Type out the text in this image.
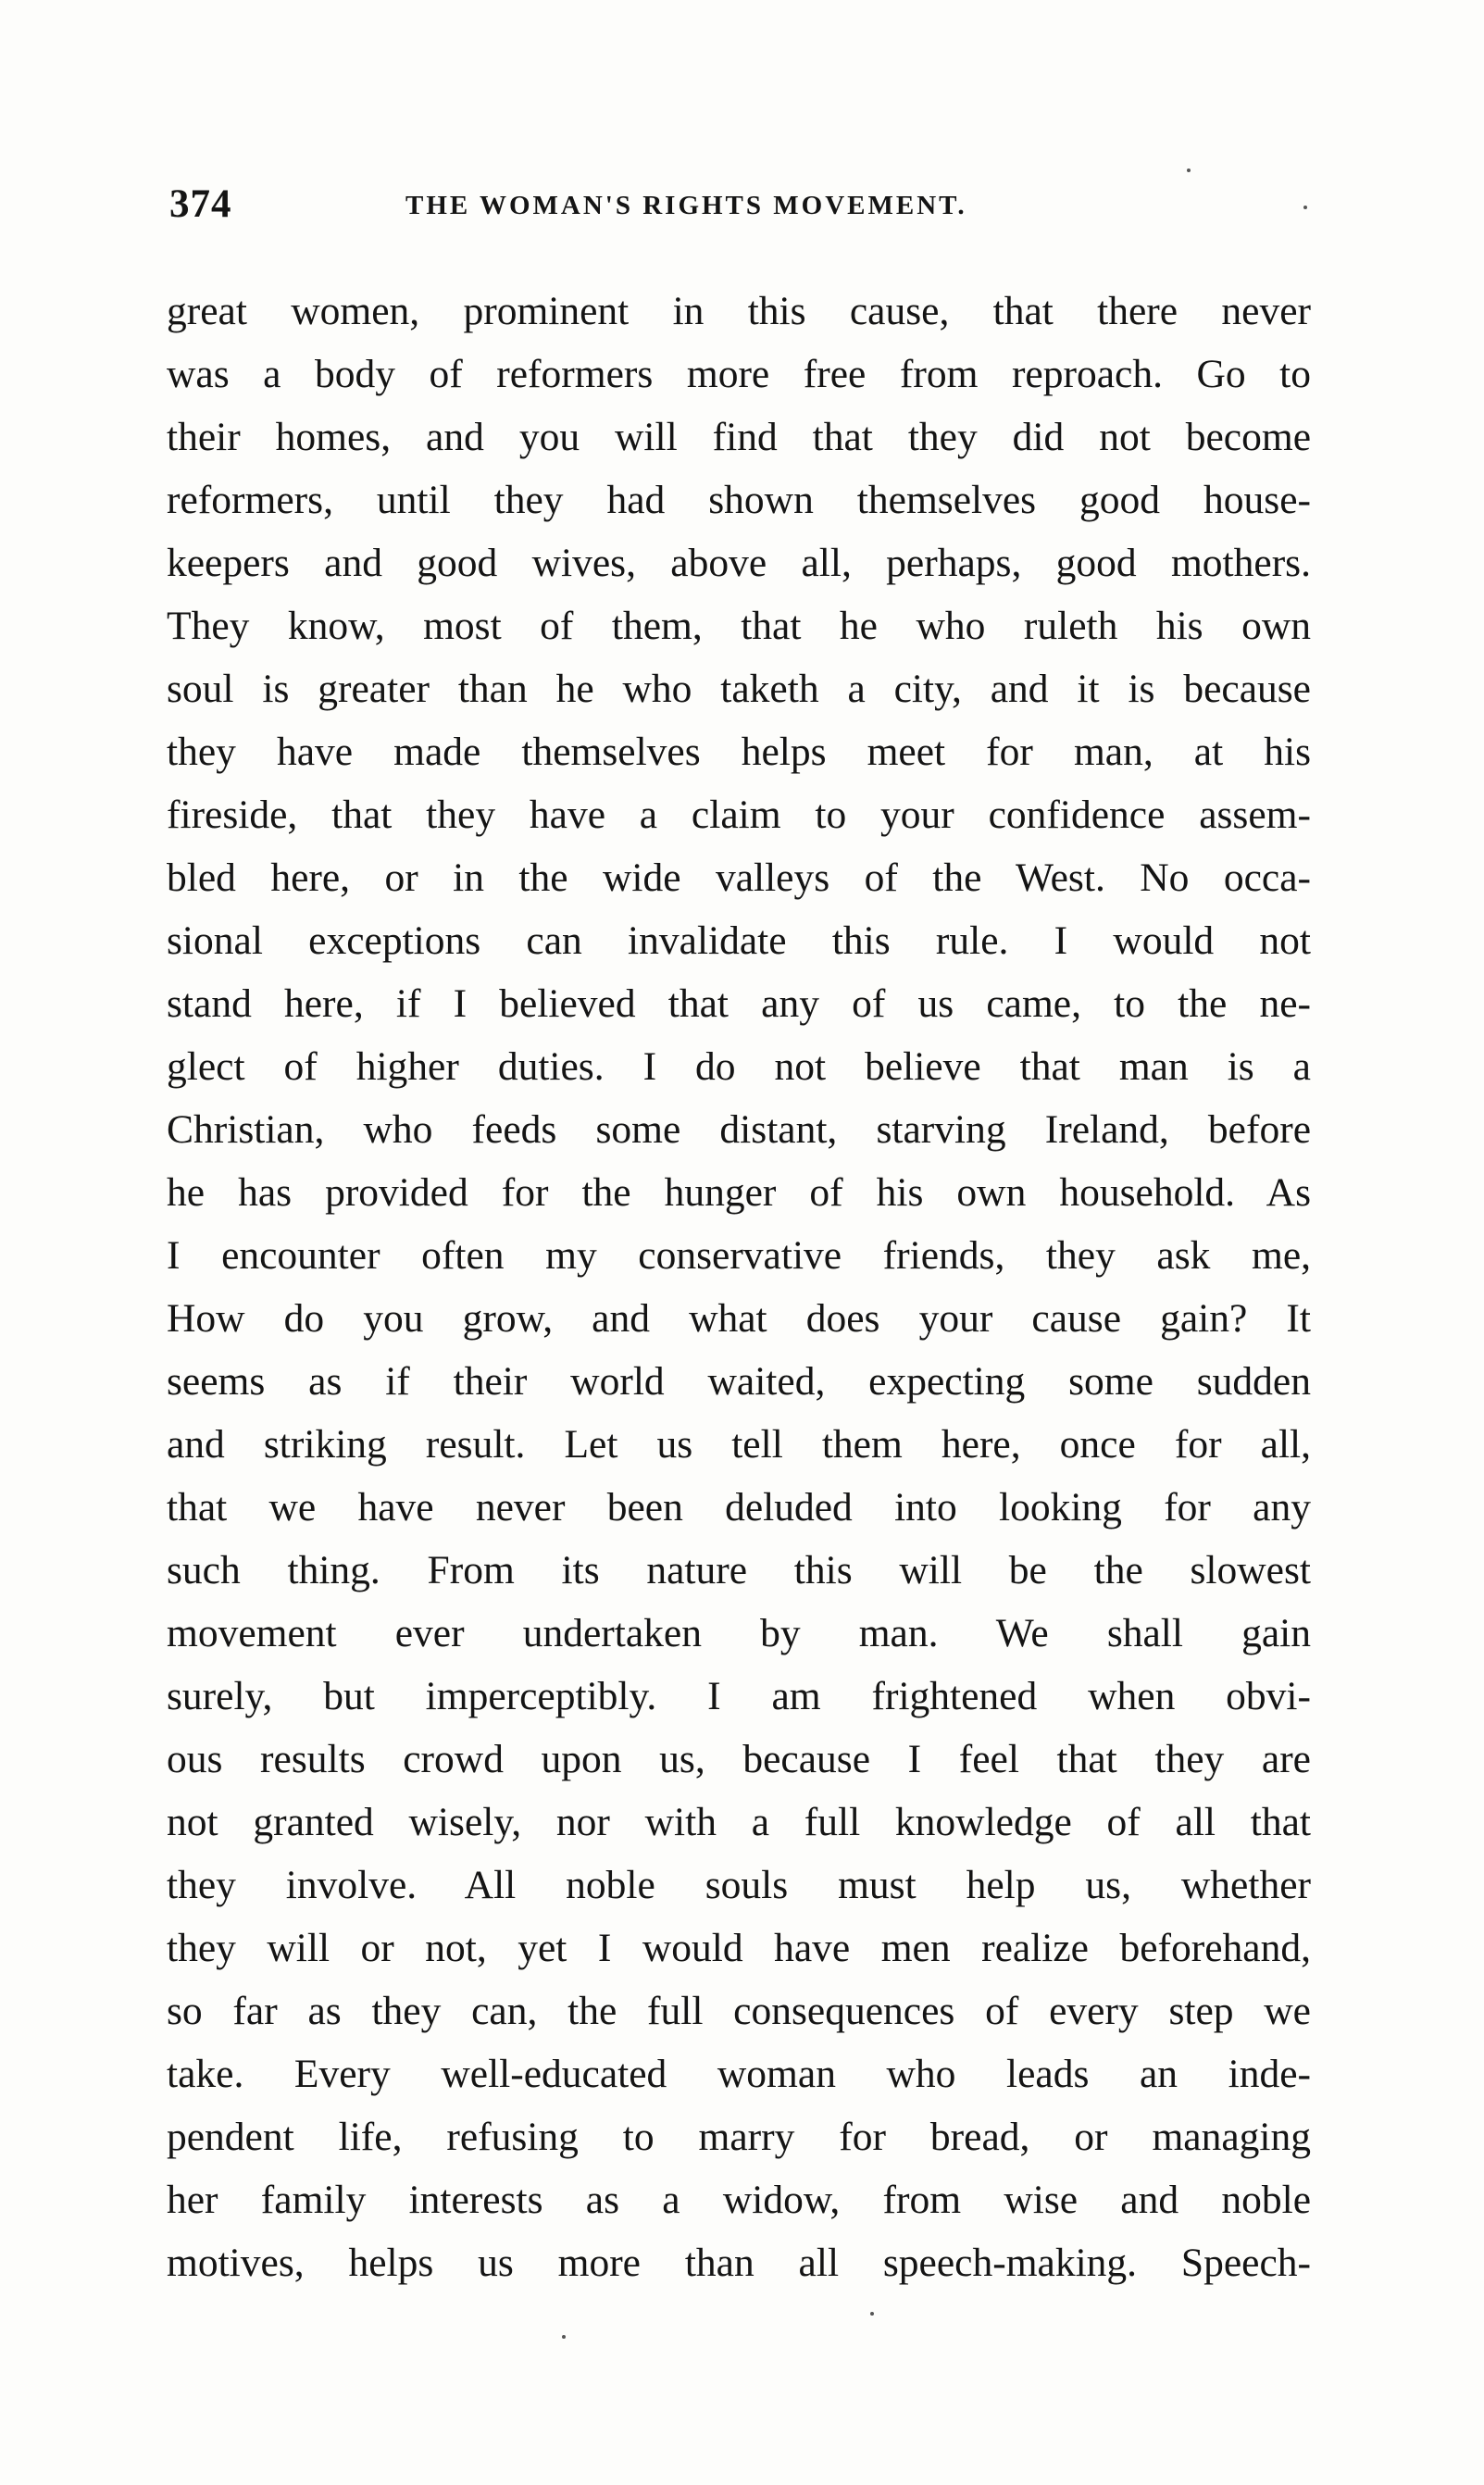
374	THE WOMAN'S RIGHTS MOVEMENT.
great women, prominent in this cause, that there never
was a body of reformers more free from reproach. Go to
their homes, and you will find that they did not become
reformers, until they had shown themselves good house-
keepers and good wives, above all, perhaps, good mothers.
They know, most of them, that he who ruleth his own
soul is greater than he who taketh a city, and it is because
they have made themselves helps meet for man, at his
fireside, that they have a claim to your confidence assem-
bled here, or in the wide valleys of the West. No occa-
sional exceptions can invalidate this rule. I would not
stand here, if I believed that any of us came, to the ne-
glect of higher duties. I do not believe that man is a
Christian, who feeds some distant, starving Ireland, before
he has provided for the hunger of his own household. As
I encounter often my conservative friends, they ask me,
How do you grow, and what does your cause gain? It
seems as if their world waited, expecting some sudden
and striking result. Let us tell them here, once for all,
that we have never been deluded into looking for any
such thing. From its nature this will be the slowest
movement ever undertaken by man. We shall gain
surely, but imperceptibly. I am frightened when obvi-
ous results crowd upon us, because I feel that they are
not granted wisely, nor with a full knowledge of all that
they involve. All noble souls must help us, whether
they will or not, yet I would have men realize beforehand,
so far as they can, the full consequences of every step we
take. Every well-educated woman who leads an inde-
pendent life, refusing to marry for bread, or managing
her family interests as a widow, from wise and noble
motives, helps us more than all speech-making. Speech-
